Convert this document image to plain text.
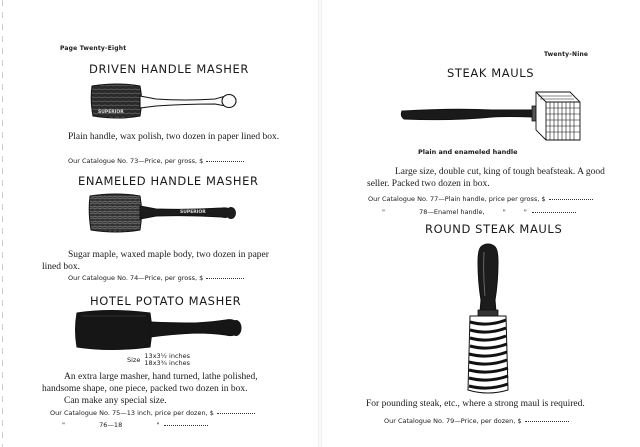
Page Twenty-Eight
DRIVEN HANDLE MASHER
SUPERIOR
Plain handle, wax polish, two dozen in paper lined box.
Our Catalogue No. 73—Price, per gross, $
ENAMELED HANDLE MASHER
SUPERIOR
Sugar maple, waxed maple body, two dozen in paper lined box.
Our Catalogue No. 74—Price, per gross, $
HOTEL POTATO MASHER
Size 13x3½ inches
18x3¾ inches
An extra large masher, hand turned, lathe polished, handsome shape, one piece, packed two dozen in box.
Can make any special size.
Our Catalogue No. 75—13 inch, price per dozen, $
"	76—18	"
Twenty-Nine
STEAK MAULS
Plain and enameled handle
Large size, double cut, king of tough beafsteak. A good seller. Packed two dozen in box.
Our Catalogue No. 77—Plain handle, price per gross, $
"	78—Enamel handle,	"	"
ROUND STEAK MAULS
For pounding steak, etc., where a strong maul is required.
Our Catalogue No. 79—Price, per dozen, $
